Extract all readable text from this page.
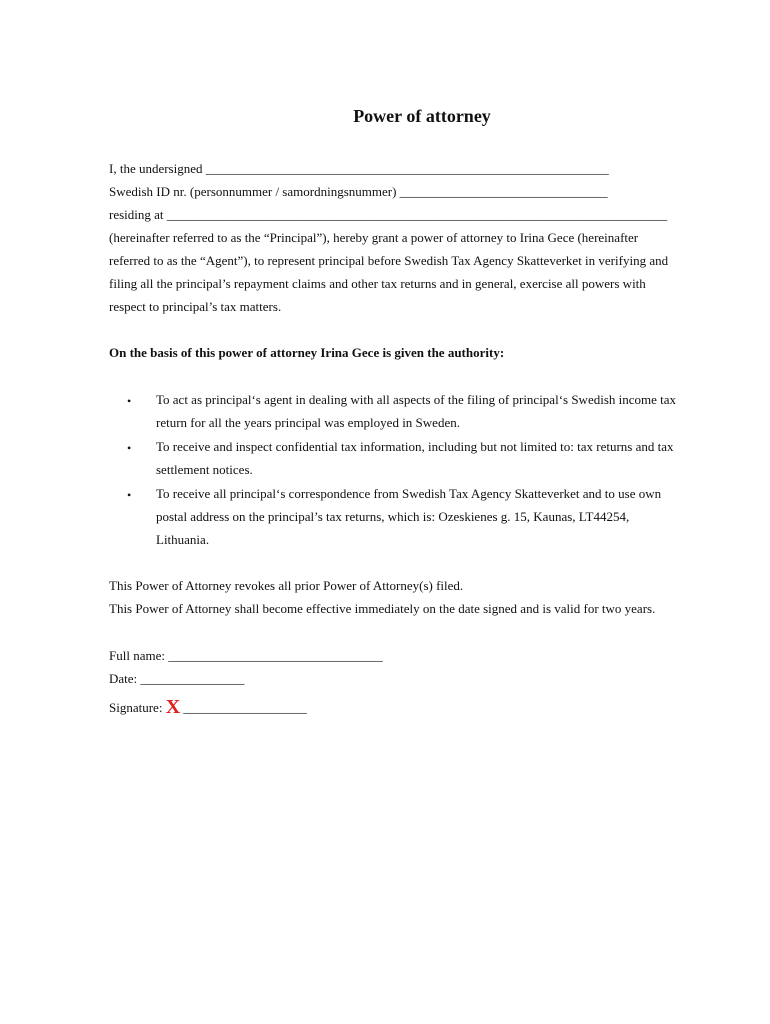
Power of attorney
I, the undersigned ______________________________________________________________
Swedish ID nr. (personnummer / samordningsnummer) ________________________________
residing at _____________________________________________________________________________
(hereinafter referred to as the “Principal”), hereby grant a power of attorney to Irina Gece (hereinafter
referred to as the “Agent”), to represent principal before Swedish Tax Agency Skatteverket in verifying and
filing all the principal’s repayment claims and other tax returns and in general, exercise all powers with
respect to principal’s tax matters.
On the basis of this power of attorney Irina Gece is given the authority:
• To act as principal‘s agent in dealing with all aspects of the filing of principal‘s Swedish income tax
return for all the years principal was employed in Sweden.
• To receive and inspect confidential tax information, including but not limited to: tax returns and tax
settlement notices.
• To receive all principal‘s correspondence from Swedish Tax Agency Skatteverket and to use own
postal address on the principal’s tax returns, which is: Ozeskienes g. 15, Kaunas, LT44254,
Lithuania.
This Power of Attorney revokes all prior Power of Attorney(s) filed.
This Power of Attorney shall become effective immediately on the date signed and is valid for two years.
Full name: _________________________________
Date: ________________
Signature: X ___________________
